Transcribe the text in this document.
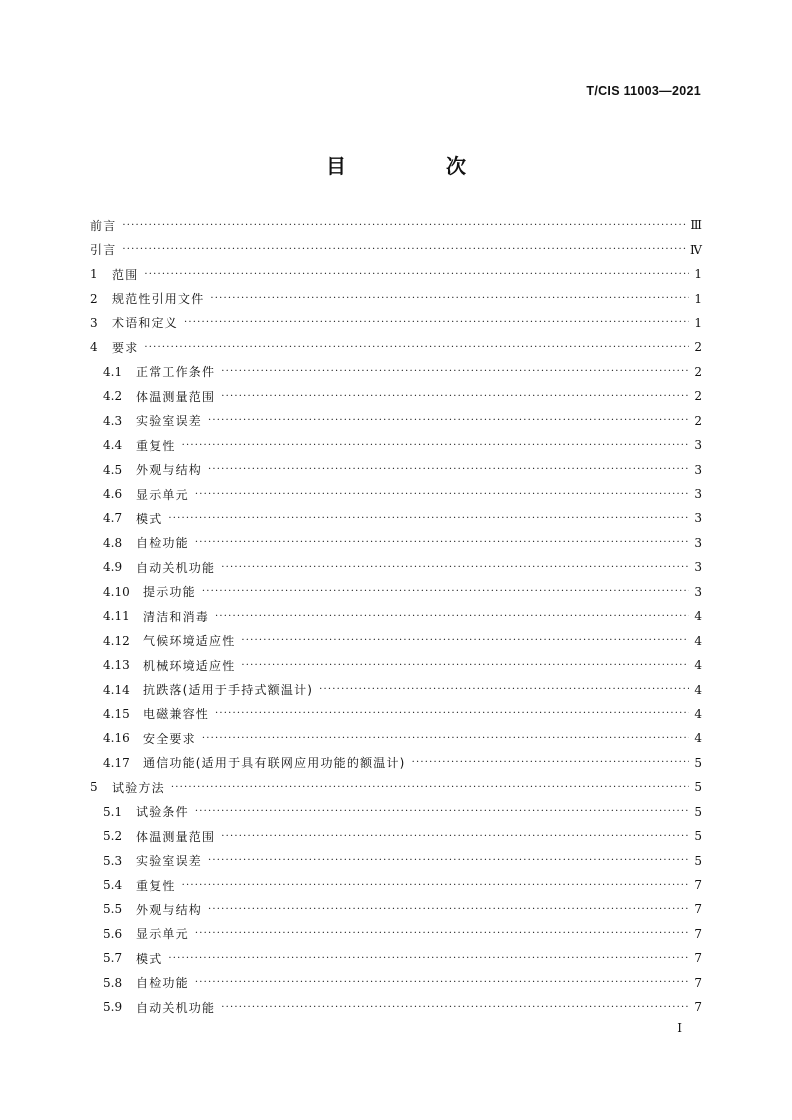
T/CIS 11003—2021
目　次
前言 ·····	Ⅲ
引言 ·····	Ⅳ
1	范围 ·····	1
2	规范性引用文件 ·····	1
3	术语和定义 ·····	1
4	要求 ·····	2
4.1	正常工作条件 ·····	2
4.2	体温测量范围 ·····	2
4.3	实验室误差 ·····	2
4.4	重复性 ·····	3
4.5	外观与结构 ·····	3
4.6	显示单元 ·····	3
4.7	模式 ·····	3
4.8	自检功能 ·····	3
4.9	自动关机功能 ·····	3
4.10	提示功能 ·····	3
4.11	清洁和消毒 ·····	4
4.12	气候环境适应性 ·····	4
4.13	机械环境适应性 ·····	4
4.14	抗跌落(适用于手持式额温计) ·····	4
4.15	电磁兼容性 ·····	4
4.16	安全要求 ·····	4
4.17	通信功能(适用于具有联网应用功能的额温计) ·····	5
5	试验方法 ·····	5
5.1	试验条件 ·····	5
5.2	体温测量范围 ·····	5
5.3	实验室误差 ·····	5
5.4	重复性 ·····	7
5.5	外观与结构 ·····	7
5.6	显示单元 ·····	7
5.7	模式 ·····	7
5.8	自检功能 ·····	7
5.9	自动关机功能 ·····	7
I
